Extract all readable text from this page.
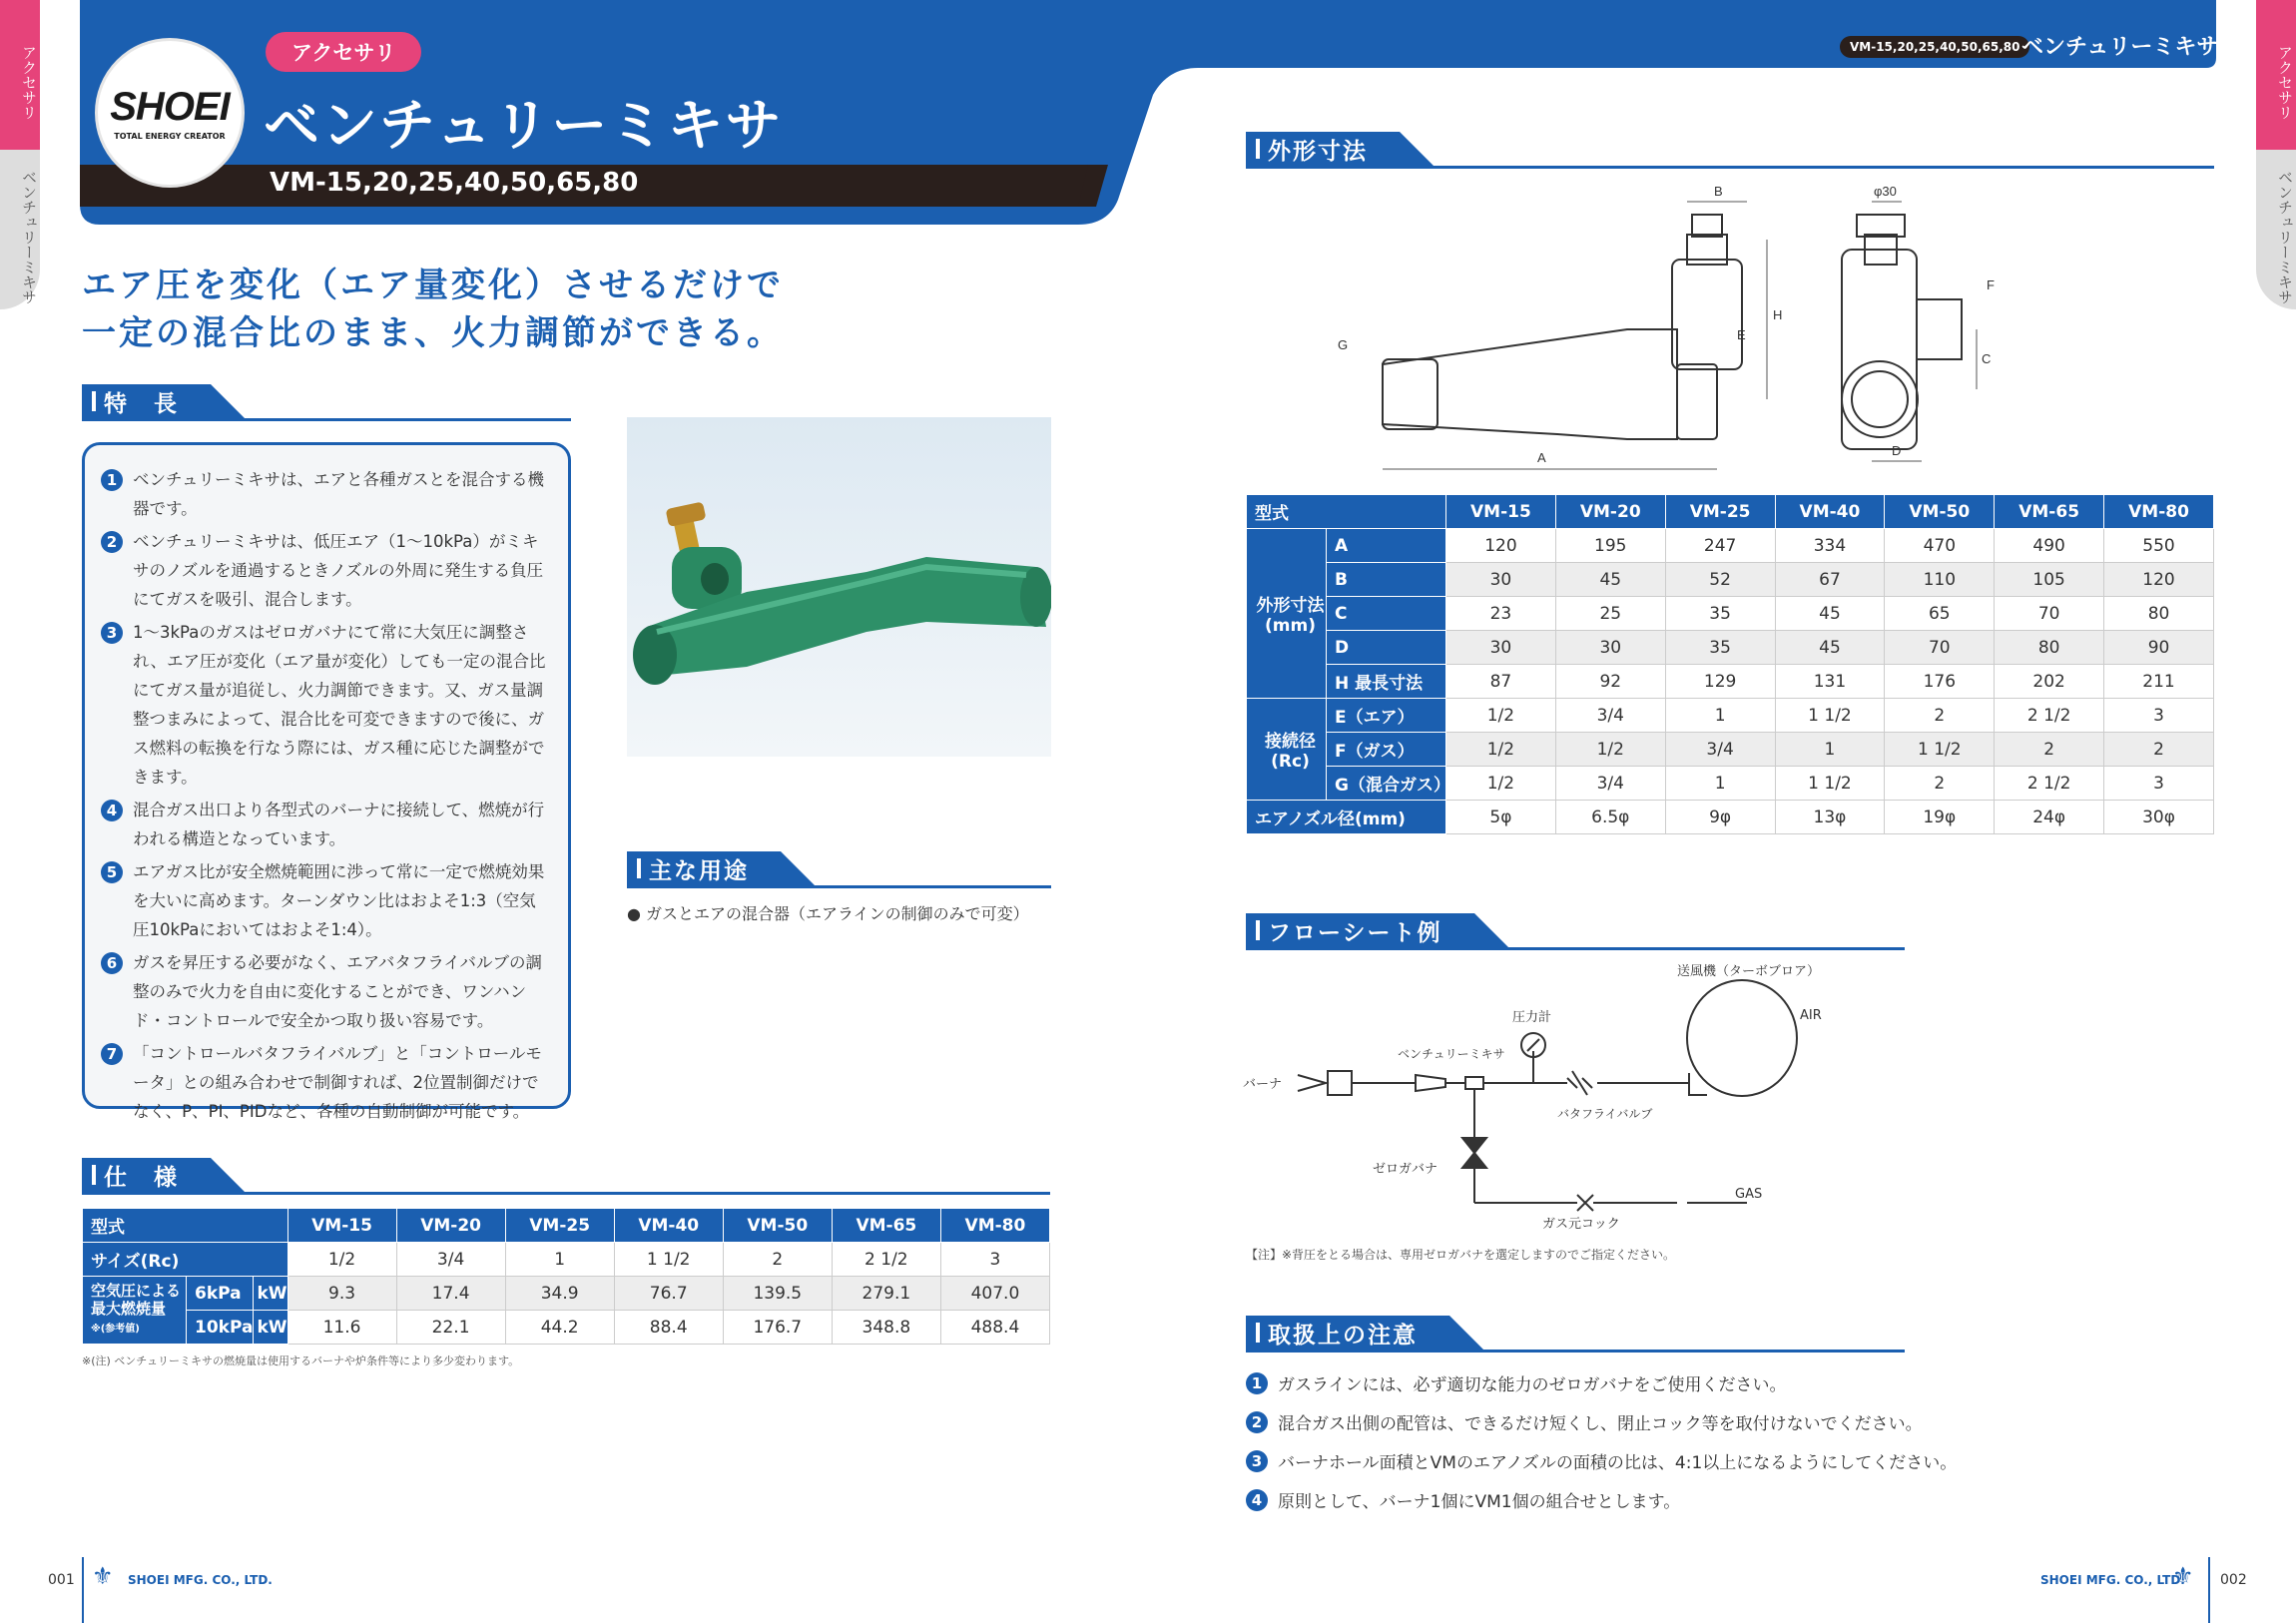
アクセサリ
ベンチュリーミキサ
アクセサリ
ベンチュリーミキサ
SHOEI
TOTAL ENERGY CREATOR
アクセサリ
ベンチュリーミキサ
VM-15,20,25,40,50,65,80
VM-15,20,25,40,50,65,80 ベンチュリーミキサ
エア圧を変化（エア量変化）させるだけで
一定の混合比のまま、火力調節ができる。
特　長
1 ベンチュリーミキサは、エアと各種ガスとを混合する機器です。
2 ベンチュリーミキサは、低圧エア（1〜10kPa）がミキサのノズルを通過するときノズルの外周に発生する負圧にてガスを吸引、混合します。
3 1〜3kPaのガスはゼロガバナにて常に大気圧に調整され、エア圧が変化（エア量が変化）しても一定の混合比にてガス量が追従し、火力調節できます。又、ガス量調整つまみによって、混合比を可変できますので後に、ガス燃料の転換を行なう際には、ガス種に応じた調整ができます。
4 混合ガス出口より各型式のバーナに接続して、燃焼が行われる構造となっています。
5 エアガス比が安全燃焼範囲に渉って常に一定で燃焼効果を大いに高めます。ターンダウン比はおよそ1:3（空気圧10kPaにおいてはおよそ1:4）。
6 ガスを昇圧する必要がなく、エアバタフライバルブの調整のみで火力を自由に変化することができ、ワンハンド・コントロールで安全かつ取り扱い容易です。
7 「コントロールバタフライバルブ」と「コントロールモータ」との組み合わせで制御すれば、2位置制御だけでなく、P、PI、PIDなど、各種の自動制御が可能です。
主な用途
● ガスとエアの混合器（エアラインの制御のみで可変）
仕　様
型式			VM-15	VM-20	VM-25	VM-40	VM-50	VM-65	VM-80
サイズ(Rc)			1/2	3/4	1	1 1/2	2	2 1/2	3
空気圧による最大燃焼量
※(参考値)	6kPa	kW	9.3	17.4	34.9	76.7	139.5	279.1	407.0
	10kPa	kW	11.6	22.1	44.2	88.4	176.7	348.8	488.4
※(注) ベンチュリーミキサの燃焼量は使用するバーナや炉条件等により多少変わります。
外形寸法
A
B
C
D
E
F
G
H
φ30
型式		VM-15	VM-20	VM-25	VM-40	VM-50	VM-65	VM-80
外形寸法 (mm)	A	120	195	247	334	470	490	550
	B	30	45	52	67	110	105	120
	C	23	25	35	45	65	70	80
	D	30	30	35	45	70	80	90
	H 最長寸法	87	92	129	131	176	202	211
接続径 (Rc)	E（エア）	1/2	3/4	1	1 1/2	2	2 1/2	3
	F（ガス）	1/2	1/2	3/4	1	1 1/2	2	2
	G（混合ガス）	1/2	3/4	1	1 1/2	2	2 1/2	3
エアノズル径(mm)		5φ	6.5φ	9φ	13φ	19φ	24φ	30φ
フローシート例
バーナ
ベンチュリーミキサ
圧力計
送風機（ターボブロア）
AIR
バタフライバルブ
ゼロガバナ
GAS
ガス元コック
【注】※背圧をとる場合は、専用ゼロガバナを選定しますのでご指定ください。
取扱上の注意
1 ガスラインには、必ず適切な能力のゼロガバナをご使用ください。
2 混合ガス出側の配管は、できるだけ短くし、閉止コック等を取付けないでください。
3 バーナホール面積とVMのエアノズルの面積の比は、4:1以上になるようにしてください。
4 原則として、バーナ1個にVM1個の組合せとします。
001 ⚜ SHOEI MFG. CO., LTD.	SHOEI MFG. CO., LTD.
⚜ 002
